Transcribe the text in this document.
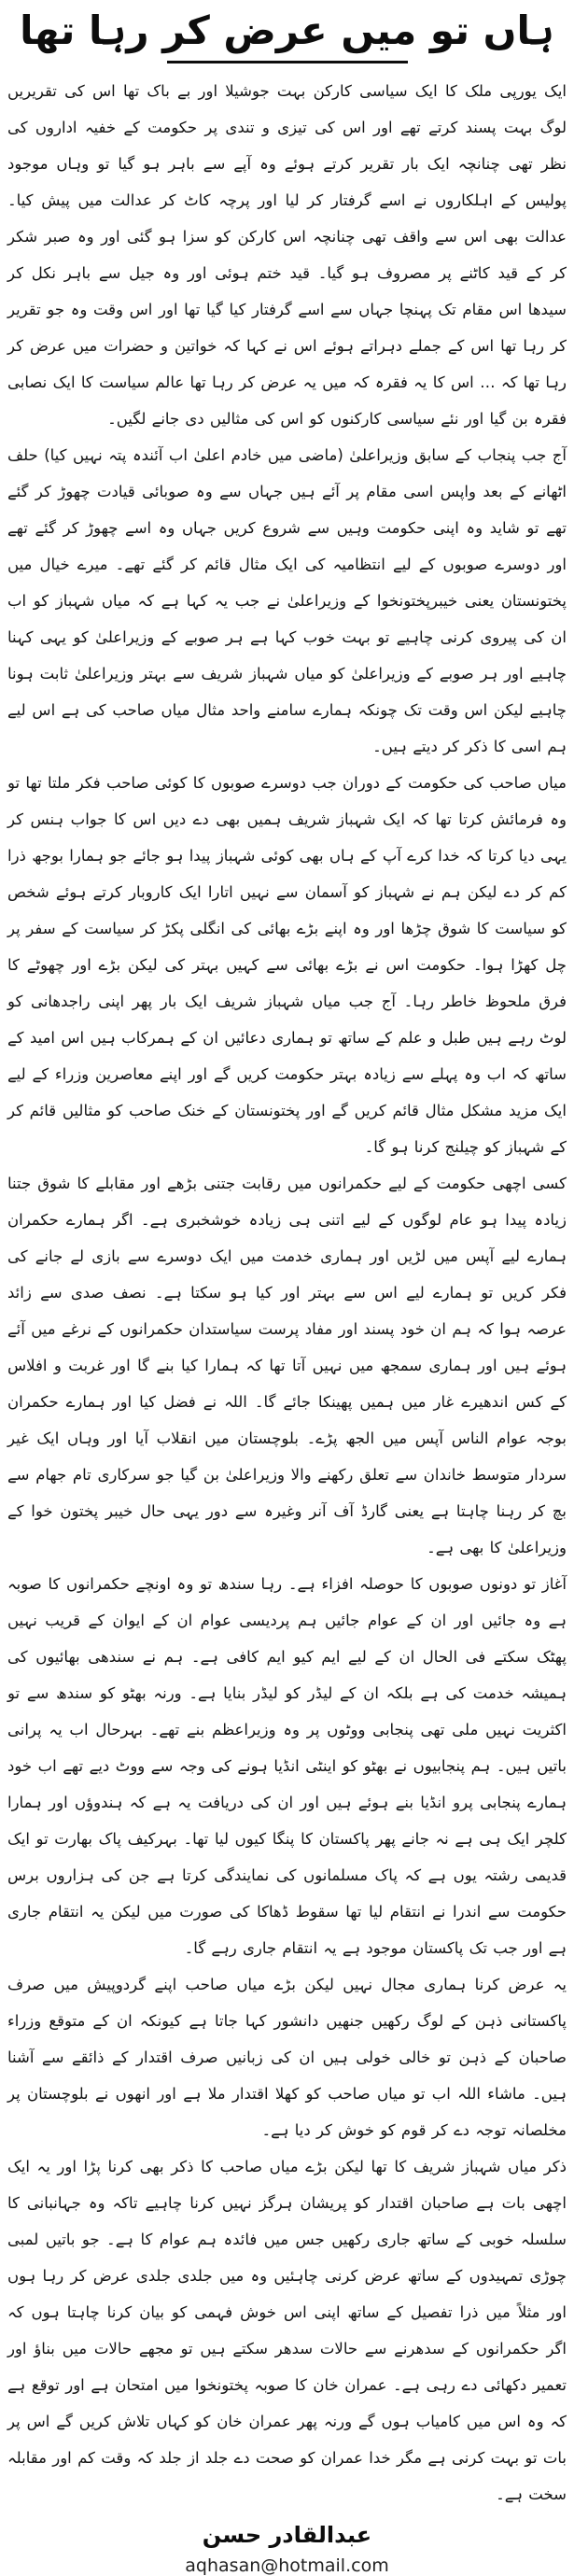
ہاں تو میں عرض کر رہا تھا

ایک یورپی ملک کا ایک سیاسی کارکن بہت جوشیلا اور بے باک تھا اس کی تقریریں لوگ بہت پسند کرتے تھے اور اس کی تیزی و تندی پر حکومت کے خفیہ اداروں کی نظر تھی چنانچہ ایک بار تقریر کرتے ہوئے وہ آپے سے باہر ہو گیا تو وہاں موجود پولیس کے اہلکاروں نے اسے گرفتار کر لیا اور پرچہ کاٹ کر عدالت میں پیش کیا۔ عدالت بھی اس سے واقف تھی چنانچہ اس کارکن کو سزا ہو گئی اور وہ صبر شکر کر کے قید کاٹنے پر مصروف ہو گیا۔ قید ختم ہوئی اور وہ جیل سے باہر نکل کر سیدھا اس مقام تک پہنچا جہاں سے اسے گرفتار کیا گیا تھا اور اس وقت وہ جو تقریر کر رہا تھا اس کے جملے دہراتے ہوئے اس نے کہا کہ خواتین و حضرات میں عرض کر رہا تھا کہ … اس کا یہ فقرہ کہ میں یہ عرض کر رہا تھا عالم سیاست کا ایک نصابی فقرہ بن گیا اور نئے سیاسی کارکنوں کو اس کی مثالیں دی جانے لگیں۔

آج جب پنجاب کے سابق وزیراعلیٰ (ماضی میں خادم اعلیٰ اب آئندہ پتہ نہیں کیا) حلف اٹھانے کے بعد واپس اسی مقام پر آئے ہیں جہاں سے وہ صوبائی قیادت چھوڑ کر گئے تھے تو شاید وہ اپنی حکومت وہیں سے شروع کریں جہاں وہ اسے چھوڑ کر گئے تھے اور دوسرے صوبوں کے لیے انتظامیہ کی ایک مثال قائم کر گئے تھے۔ میرے خیال میں پختونستان یعنی خیبرپختونخوا کے وزیراعلیٰ نے جب یہ کہا ہے کہ میاں شہباز کو اب ان کی پیروی کرنی چاہیے تو بہت خوب کہا ہے ہر صوبے کے وزیراعلیٰ کو یہی کہنا چاہیے اور ہر صوبے کے وزیراعلیٰ کو میاں شہباز شریف سے بہتر وزیراعلیٰ ثابت ہونا چاہیے لیکن اس وقت تک چونکہ ہمارے سامنے واحد مثال میاں صاحب کی ہے اس لیے ہم اسی کا ذکر کر دیتے ہیں۔

میاں صاحب کی حکومت کے دوران جب دوسرے صوبوں کا کوئی صاحب فکر ملتا تھا تو وہ فرمائش کرتا تھا کہ ایک شہباز شریف ہمیں بھی دے دیں اس کا جواب ہنس کر یہی دیا کرتا کہ خدا کرے آپ کے ہاں بھی کوئی شہباز پیدا ہو جائے جو ہمارا بوجھ ذرا کم کر دے لیکن ہم نے شہباز کو آسمان سے نہیں اتارا ایک کاروبار کرتے ہوئے شخص کو سیاست کا شوق چڑھا اور وہ اپنے بڑے بھائی کی انگلی پکڑ کر سیاست کے سفر پر چل کھڑا ہوا۔ حکومت اس نے بڑے بھائی سے کہیں بہتر کی لیکن بڑے اور چھوٹے کا فرق ملحوظ خاطر رہا۔ آج جب میاں شہباز شریف ایک بار پھر اپنی راجدھانی کو لوٹ رہے ہیں طبل و علم کے ساتھ تو ہماری دعائیں ان کے ہمرکاب ہیں اس امید کے ساتھ کہ اب وہ پہلے سے زیادہ بہتر حکومت کریں گے اور اپنے معاصرین وزراء کے لیے ایک مزید مشکل مثال قائم کریں گے اور پختونستان کے خنک صاحب کو مثالیں قائم کر کے شہباز کو چیلنج کرنا ہو گا۔

کسی اچھی حکومت کے لیے حکمرانوں میں رقابت جتنی بڑھے اور مقابلے کا شوق جتنا زیادہ پیدا ہو عام لوگوں کے لیے اتنی ہی زیادہ خوشخبری ہے۔ اگر ہمارے حکمران ہمارے لیے آپس میں لڑیں اور ہماری خدمت میں ایک دوسرے سے بازی لے جانے کی فکر کریں تو ہمارے لیے اس سے بہتر اور کیا ہو سکتا ہے۔ نصف صدی سے زائد عرصہ ہوا کہ ہم ان خود پسند اور مفاد پرست سیاستدان حکمرانوں کے نرغے میں آئے ہوئے ہیں اور ہماری سمجھ میں نہیں آتا تھا کہ ہمارا کیا بنے گا اور غربت و افلاس کے کس اندھیرے غار میں ہمیں پھینکا جائے گا۔ اللہ نے فضل کیا اور ہمارے حکمران بوجہ عوام الناس آپس میں الجھ پڑے۔ بلوچستان میں انقلاب آیا اور وہاں ایک غیر سردار متوسط خاندان سے تعلق رکھنے والا وزیراعلیٰ بن گیا جو سرکاری تام جھام سے بچ کر رہنا چاہتا ہے یعنی گارڈ آف آنر وغیرہ سے دور یہی حال خیبر پختون خوا کے وزیراعلیٰ کا بھی ہے۔

آغاز تو دونوں صوبوں کا حوصلہ افزاء ہے۔ رہا سندھ تو وہ اونچے حکمرانوں کا صوبہ ہے وہ جائیں اور ان کے عوام جائیں ہم پردیسی عوام ان کے ایوان کے قریب نہیں پھٹک سکتے فی الحال ان کے لیے ایم کیو ایم کافی ہے۔ ہم نے سندھی بھائیوں کی ہمیشہ خدمت کی ہے بلکہ ان کے لیڈر کو لیڈر بنایا ہے۔ ورنہ بھٹو کو سندھ سے تو اکثریت نہیں ملی تھی پنجابی ووٹوں پر وہ وزیراعظم بنے تھے۔ بہرحال اب یہ پرانی باتیں ہیں۔ ہم پنجابیوں نے بھٹو کو اینٹی انڈیا ہونے کی وجہ سے ووٹ دیے تھے اب خود ہمارے پنجابی پرو انڈیا بنے ہوئے ہیں اور ان کی دریافت یہ ہے کہ ہندوؤں اور ہمارا کلچر ایک ہی ہے نہ جانے پھر پاکستان کا پنگا کیوں لیا تھا۔ بہرکیف پاک بھارت تو ایک قدیمی رشتہ یوں ہے کہ پاک مسلمانوں کی نمایندگی کرتا ہے جن کی ہزاروں برس حکومت سے اندرا نے انتقام لیا تھا سقوط ڈھاکا کی صورت میں لیکن یہ انتقام جاری ہے اور جب تک پاکستان موجود ہے یہ انتقام جاری رہے گا۔

یہ عرض کرنا ہماری مجال نہیں لیکن بڑے میاں صاحب اپنے گردوپیش میں صرف پاکستانی ذہن کے لوگ رکھیں جنھیں دانشور کہا جاتا ہے کیونکہ ان کے متوقع وزراء صاحبان کے ذہن تو خالی خولی ہیں ان کی زبانیں صرف اقتدار کے ذائقے سے آشنا ہیں۔ ماشاء اللہ اب تو میاں صاحب کو کھلا اقتدار ملا ہے اور انھوں نے بلوچستان پر مخلصانہ توجہ دے کر قوم کو خوش کر دیا ہے۔

ذکر میاں شہباز شریف کا تھا لیکن بڑے میاں صاحب کا ذکر بھی کرنا پڑا اور یہ ایک اچھی بات ہے صاحبان اقتدار کو پریشان ہرگز نہیں کرنا چاہیے تاکہ وہ جہانبانی کا سلسلہ خوبی کے ساتھ جاری رکھیں جس میں فائدہ ہم عوام کا ہے۔ جو باتیں لمبی چوڑی تمہیدوں کے ساتھ عرض کرنی چاہئیں وہ میں جلدی جلدی عرض کر رہا ہوں اور مثلاً میں ذرا تفصیل کے ساتھ اپنی اس خوش فہمی کو بیان کرنا چاہتا ہوں کہ اگر حکمرانوں کے سدھرنے سے حالات سدھر سکتے ہیں تو مجھے حالات میں بناؤ اور تعمیر دکھائی دے رہی ہے۔ عمران خان کا صوبہ پختونخوا میں امتحان ہے اور توقع ہے کہ وہ اس میں کامیاب ہوں گے ورنہ پھر عمران خان کو کہاں تلاش کریں گے اس پر بات تو بہت کرنی ہے مگر خدا عمران کو صحت دے جلد از جلد کہ وقت کم اور مقابلہ سخت ہے۔

عبدالقادر حسن
aqhasan@hotmail.com
